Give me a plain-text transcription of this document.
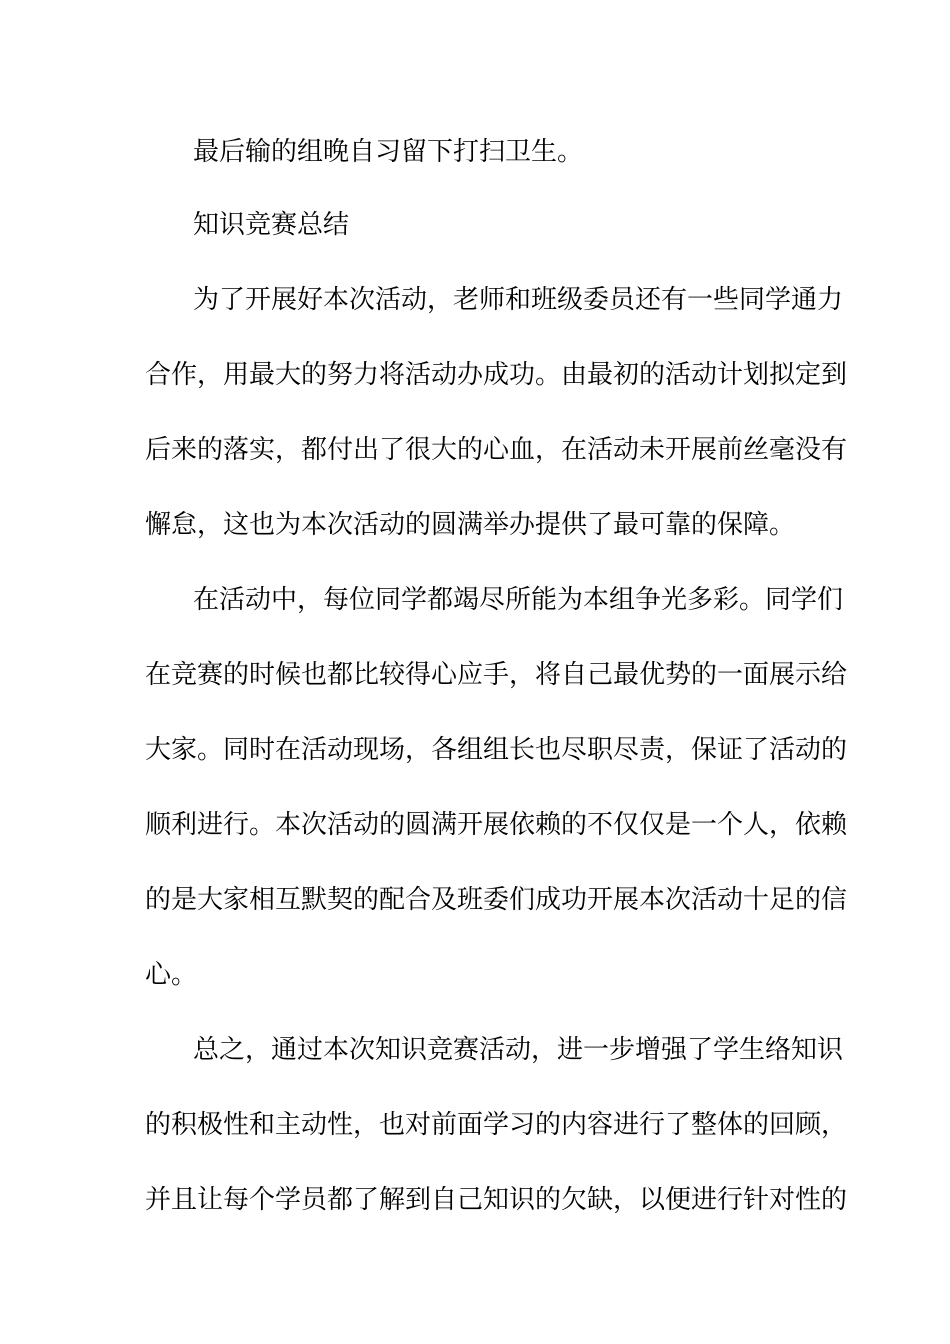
最后输的组晚自习留下打扫卫生。
知识竞赛总结
为了开展好本次活动，老师和班级委员还有一些同学通力
合作，用最大的努力将活动办成功。由最初的活动计划拟定到
后来的落实，都付出了很大的心血，在活动未开展前丝毫没有
懈怠，这也为本次活动的圆满举办提供了最可靠的保障。
在活动中，每位同学都竭尽所能为本组争光多彩。同学们
在竞赛的时候也都比较得心应手，将自己最优势的一面展示给
大家。同时在活动现场，各组组长也尽职尽责，保证了活动的
顺利进行。本次活动的圆满开展依赖的不仅仅是一个人，依赖
的是大家相互默契的配合及班委们成功开展本次活动十足的信
心。
总之，通过本次知识竞赛活动，进一步增强了学生络知识
的积极性和主动性，也对前面学习的内容进行了整体的回顾，
并且让每个学员都了解到自己知识的欠缺，以便进行针对性的
